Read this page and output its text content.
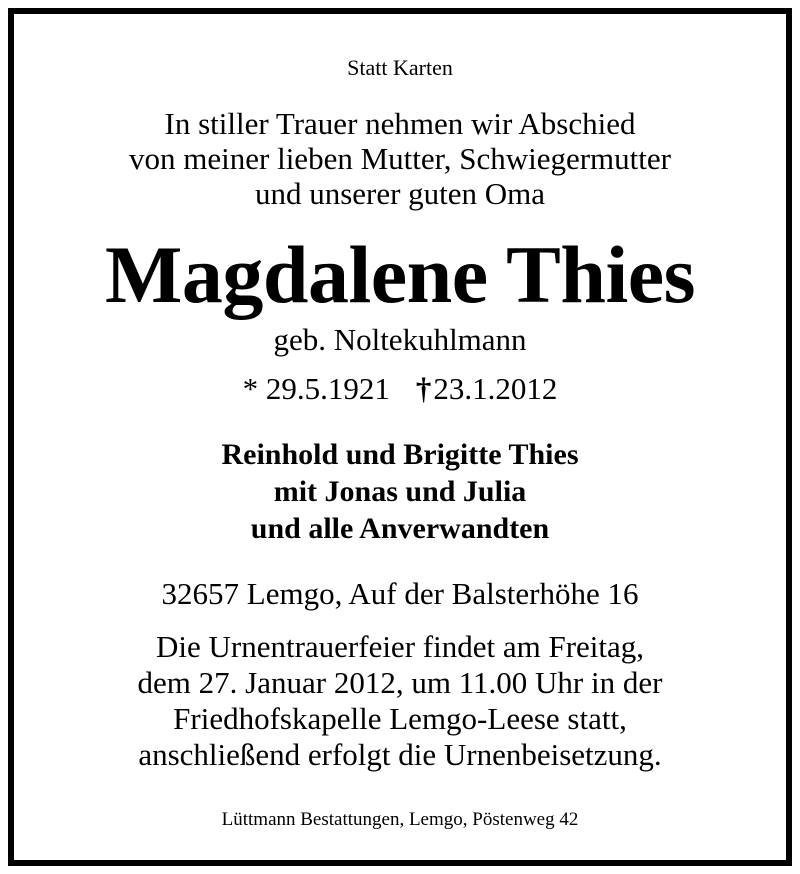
Statt Karten
In stiller Trauer nehmen wir Abschied
von meiner lieben Mutter, Schwiegermutter
und unserer guten Oma
Magdalene Thies
geb. Noltekuhlmann
* 29.5.1921 †23.1.2012
Reinhold und Brigitte Thies
mit Jonas und Julia
und alle Anverwandten
32657 Lemgo, Auf der Balsterhöhe 16
Die Urnentrauerfeier findet am Freitag,
dem 27. Januar 2012, um 11.00 Uhr in der
Friedhofskapelle Lemgo-Leese statt,
anschließend erfolgt die Urnenbeisetzung.
Lüttmann Bestattungen, Lemgo, Pöstenweg 42
